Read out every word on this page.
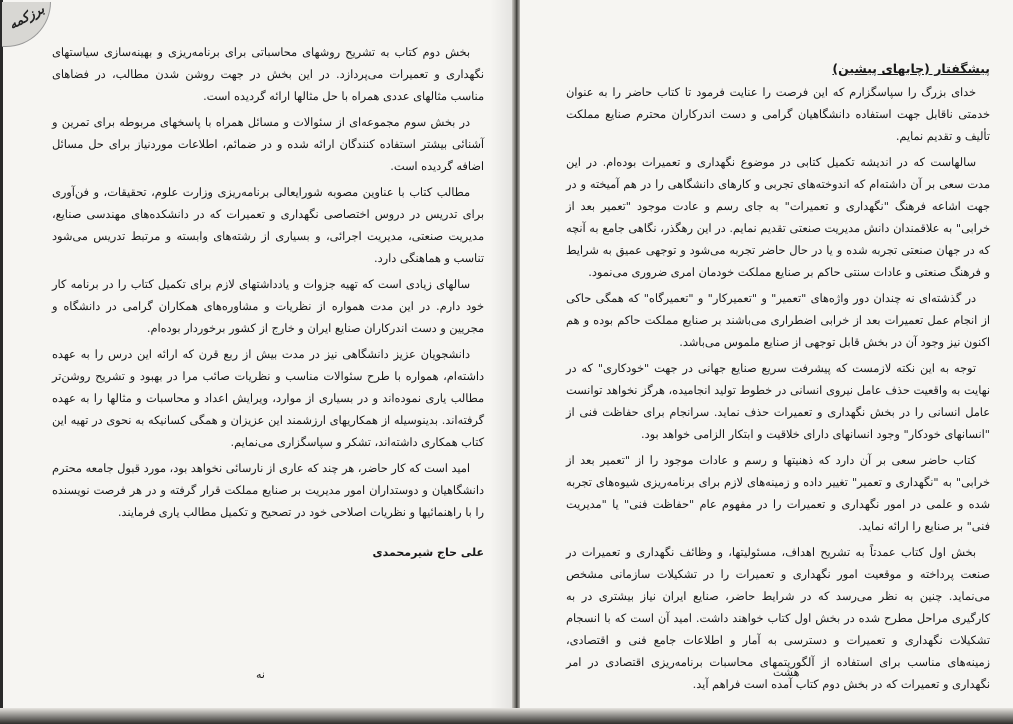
برزکمه

بخش دوم کتاب به تشریح روشهای محاسباتی برای برنامه‌ریزی و بهینه‌سازی سیاستهای نگهداری و تعمیرات می‌پردازد. در این بخش در جهت روشن شدن مطالب، در فضاهای مناسب مثالهای عددی همراه با حل مثالها ارائه گردیده است.

در بخش سوم مجموعه‌ای از سئوالات و مسائل همراه با پاسخهای مربوطه برای تمرین و آشنائی بیشتر استفاده کنندگان ارائه شده و در ضمائم، اطلاعات موردنیاز برای حل مسائل اضافه گردیده است.

مطالب کتاب با عناوین مصوبه شورایعالی برنامه‌ریزی وزارت علوم، تحقیقات، و فن‌آوری برای تدریس در دروس اختصاصی نگهداری و تعمیرات که در دانشکده‌های مهندسی صنایع، مدیریت صنعتی، مدیریت اجرائی، و بسیاری از رشته‌های وابسته و مرتبط تدریس می‌شود تناسب و هماهنگی دارد.

سالهای زیادی است که تهیه جزوات و یادداشتهای لازم برای تکمیل کتاب را در برنامه کار خود دارم. در این مدت همواره از نظریات و مشاوره‌های همکاران گرامی در دانشگاه و مجریین و دست اندرکاران صنایع ایران و خارج از کشور برخوردار بوده‌ام.

دانشجویان عزیز دانشگاهی نیز در مدت بیش از ربع قرن که ارائه این درس را به عهده داشته‌ام، همواره با طرح سئوالات مناسب و نظریات صائب مرا در بهبود و تشریح روشن‌تر مطالب یاری نموده‌اند و در بسیاری از موارد، ویرایش اعداد و محاسبات و مثالها را به عهده گرفته‌اند. بدینوسیله از همکاریهای ارزشمند این عزیزان و همگی کسانیکه به نحوی در تهیه این کتاب همکاری داشته‌اند، تشکر و سپاسگزاری می‌نمایم.

امید است که کار حاضر، هر چند که عاری از نارسائی نخواهد بود، مورد قبول جامعه محترم دانشگاهیان و دوستداران امور مدیریت بر صنایع مملکت قرار گرفته و در هر فرصت نویسنده را با راهنمائیها و نظریات اصلاحی خود در تصحیح و تکمیل مطالب یاری فرمایند.

علی حاج شیرمحمدی
نه
پیشگفتار (چابهای پیشین)

خدای بزرگ را سپاسگزارم که این فرصت را عنایت فرمود تا کتاب حاضر را به عنوان خدمتی ناقابل جهت استفاده دانشگاهیان گرامی و دست اندرکاران محترم صنایع مملکت تألیف و تقدیم نمایم.

سالهاست که در اندیشه تکمیل کتابی در موضوع نگهداری و تعمیرات بوده‌ام. در این مدت سعی بر آن داشته‌ام که اندوخته‌های تجربی و کارهای دانشگاهی را در هم آمیخته و در جهت اشاعه فرهنگ "نگهداری و تعمیرات" به جای رسم و عادت موجود "تعمیر بعد از خرابی" به علاقمندان دانش مدیریت صنعتی تقدیم نمایم. در این رهگذر، نگاهی جامع به آنچه که در جهان صنعتی تجربه شده و یا در حال حاضر تجربه می‌شود و توجهی عمیق به شرایط و فرهنگ صنعتی و عادات سنتی حاکم بر صنایع مملکت خودمان امری ضروری می‌نمود.

در گذشته‌ای نه چندان دور واژه‌های "تعمیر" و "تعمیرکار" و "تعمیرگاه" که همگی حاکی از انجام عمل تعمیرات بعد از خرابی اضطراری می‌باشند بر صنایع مملکت حاکم بوده و هم اکنون نیز وجود آن در بخش قابل توجهی از صنایع ملموس می‌باشد.

توجه به این نکته لازمست که پیشرفت سریع صنایع جهانی در جهت "خودکاری" که در نهایت به واقعیت حذف عامل نیروی انسانی در خطوط تولید انجامیده، هرگز نخواهد توانست عامل انسانی را در بخش نگهداری و تعمیرات حذف نماید. سرانجام برای حفاظت فنی از "انسانهای خودکار" وجود انسانهای دارای خلاقیت و ابتکار الزامی خواهد بود.

کتاب حاضر سعی بر آن دارد که ذهنیتها و رسم و عادات موجود را از "تعمیر بعد از خرابی" به "نگهداری و تعمیر" تغییر داده و زمینه‌های لازم برای برنامه‌ریزی شیوه‌های تجربه شده و علمی در امور نگهداری و تعمیرات را در مفهوم عام "حفاظت فنی" یا "مدیریت فنی" بر صنایع را ارائه نماید.

بخش اول کتاب عمدتاً به تشریح اهداف، مسئولیتها، و وظائف نگهداری و تعمیرات در صنعت پرداخته و موقعیت امور نگهداری و تعمیرات را در تشکیلات سازمانی مشخص می‌نماید. چنین به نظر می‌رسد که در شرایط حاضر، صنایع ایران نیاز بیشتری در به کارگیری مراحل مطرح شده در بخش اول کتاب خواهند داشت. امید آن است که با انسجام تشکیلات نگهداری و تعمیرات و دسترسی به آمار و اطلاعات جامع فنی و اقتصادی، زمینه‌های مناسب برای استفاده از آلگوریتمهای محاسبات برنامه‌ریزی اقتصادی در امر نگهداری و تعمیرات که در بخش دوم کتاب آمده است فراهم آید.

هشت
